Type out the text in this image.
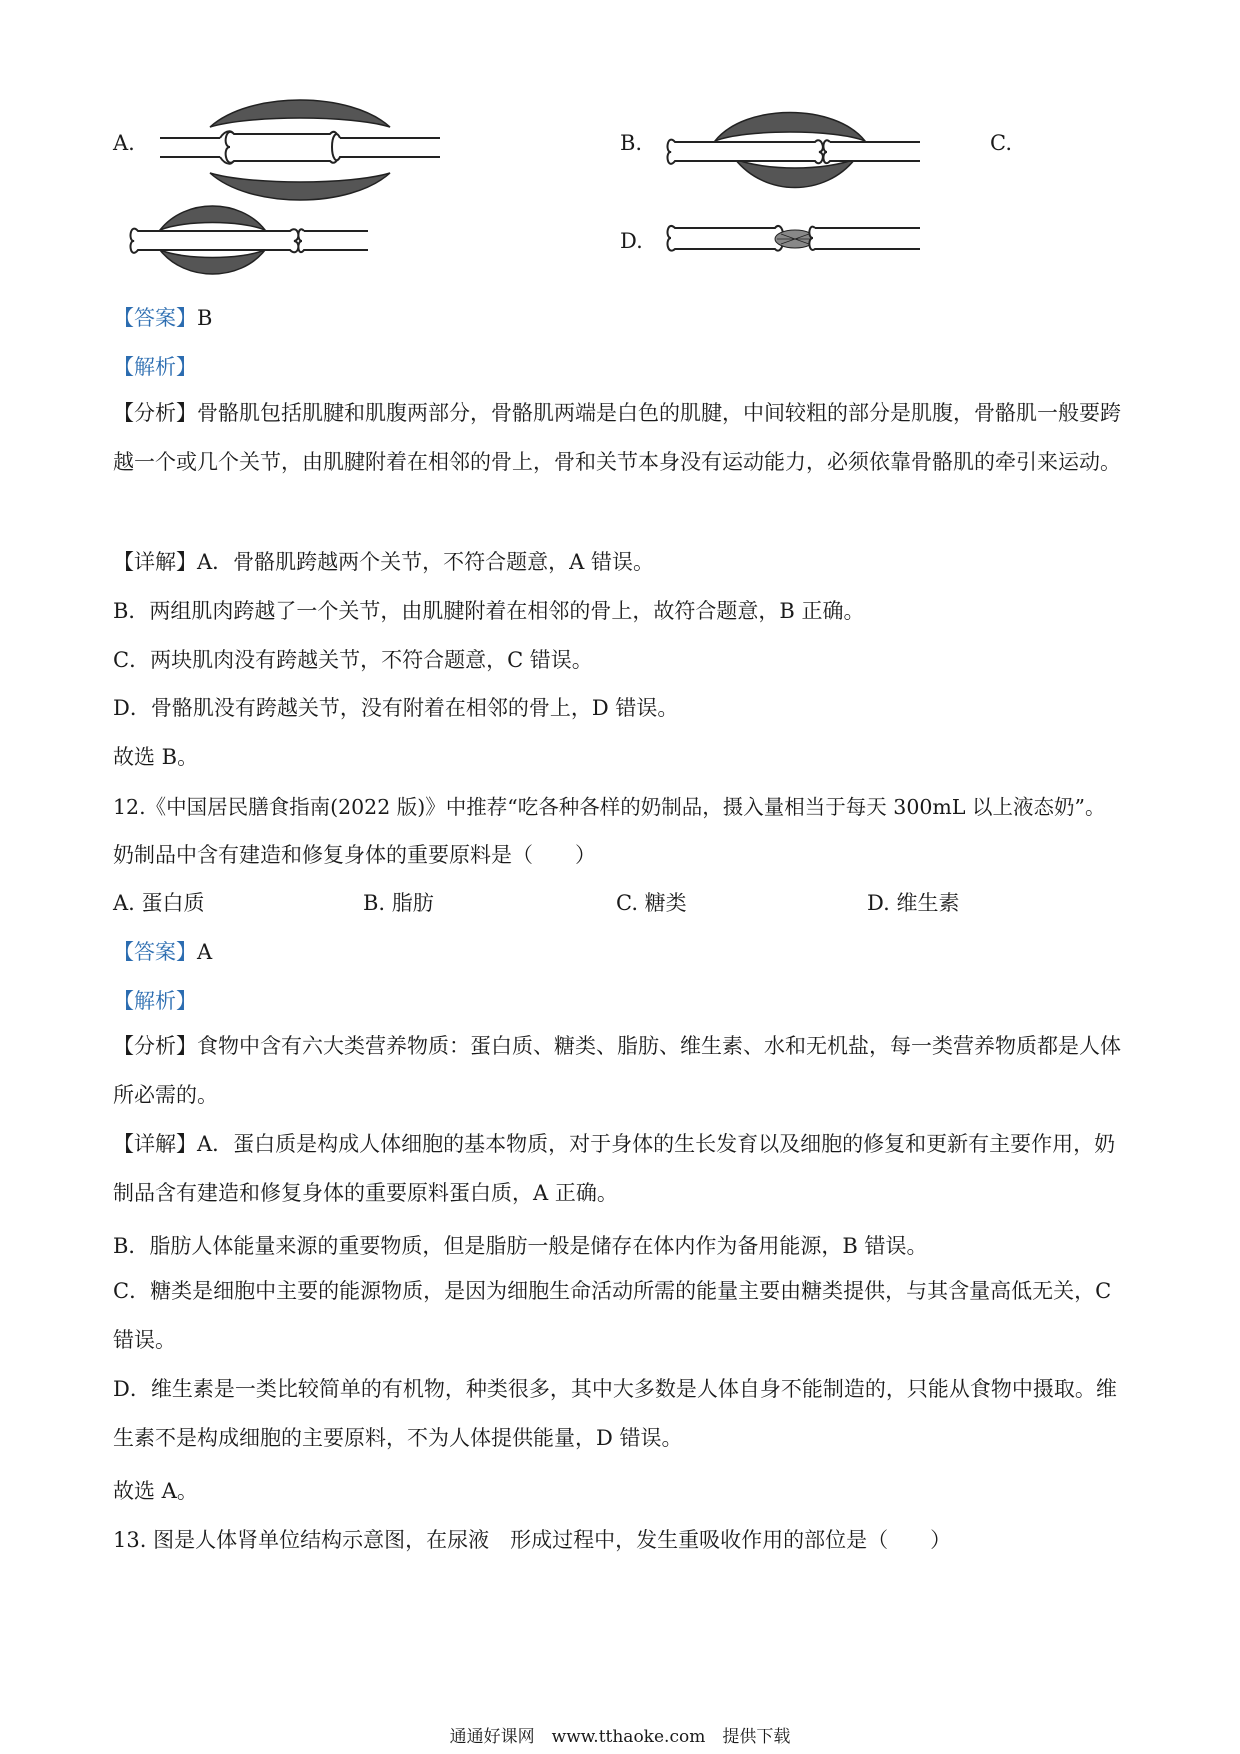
A.	B.	C.
D.
【答案】B
【解析】

【分析】骨骼肌包括肌腱和肌腹两部分，骨骼肌两端是白色的肌腱，中间较粗的部分是肌腹，骨骼肌一般要跨越一个或几个关节，由肌腱附着在相邻的骨上，骨和关节本身没有运动能力，必须依靠骨骼肌的牵引来运动。

【详解】A．骨骼肌跨越两个关节，不符合题意，A 错误。
B．两组肌肉跨越了一个关节，由肌腱附着在相邻的骨上，故符合题意，B 正确。
C．两块肌肉没有跨越关节，不符合题意，C 错误。
D．骨骼肌没有跨越关节，没有附着在相邻的骨上，D 错误。
故选 B。
12.《中国居民膳食指南(2022 版)》中推荐“吃各种各样的奶制品，摄入量相当于每天 300mL 以上液态奶”。
奶制品中含有建造和修复身体的重要原料是（　　）
A. 蛋白质	B. 脂肪	C. 糖类	D. 维生素
【答案】A
【解析】

【分析】食物中含有六大类营养物质：蛋白质、糖类、脂肪、维生素、水和无机盐，每一类营养物质都是人体所必需的。

【详解】A．蛋白质是构成人体细胞的基本物质，对于身体的生长发育以及细胞的修复和更新有主要作用，奶制品含有建造和修复身体的重要原料蛋白质，A 正确。

B．脂肪人体能量来源的重要物质，但是脂肪一般是储存在体内作为备用能源，B 错误。

C．糖类是细胞中主要的能源物质，是因为细胞生命活动所需的能量主要由糖类提供，与其含量高低无关，C 错误。

D．维生素是一类比较简单的有机物，种类很多，其中大多数是人体自身不能制造的，只能从食物中摄取。维生素不是构成细胞的主要原料，不为人体提供能量，D 错误。

故选 A。
13. 图是人体肾单位结构示意图，在尿液　形成过程中，发生重吸收作用的部位是（　　）
通通好课网　www.tthaoke.com　提供下载
